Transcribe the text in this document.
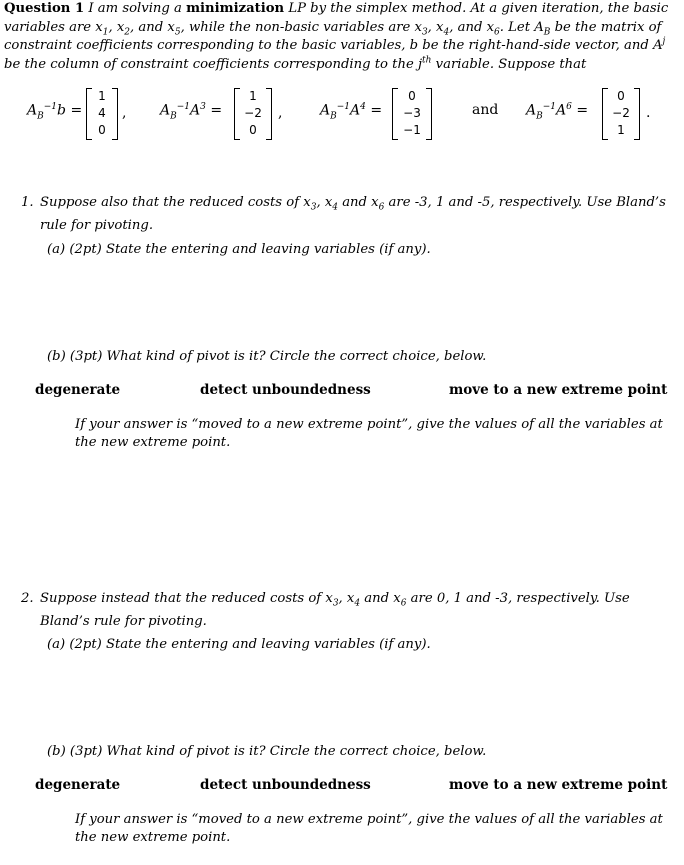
Question 1 I am solving a minimization LP by the simplex method. At a given iteration, the basic variables are $x_1$, $x_2$, and $x_5$, while the non-basic variables are $x_3$, $x_4$, and $x_6$. Let $A_B$ be the matrix of constraint coefficients corresponding to the basic variables, b be the right-hand-side vector, and $A^j$ be the column of constraint coefficients corresponding to the $j^{th}$ variable. Suppose that
$A_B^{-1}b$ =
1
4
0
, $A_B^{-1}A^3$ =
1
−2
0
,	$A_B^{-1}A^4$ =
0
−3
−1
and $A_B^{-1}A^6$ =
0
−2
1
.
1. Suppose also that the reduced costs of $x_3$, $x_4$ and $x_6$ are -3, 1 and -5, respectively. Use Bland’s rule for pivoting.
(a) (2pt) State the entering and leaving variables (if any).
(b) (3pt) What kind of pivot is it? Circle the correct choice, below.
degenerate	detect unboundedness	move to a new extreme point
If your answer is “moved to a new extreme point”, give the values of all the variables at the new extreme point.
2. Suppose instead that the reduced costs of $x_3$, $x_4$ and $x_6$ are 0, 1 and -3, respectively. Use Bland’s rule for pivoting.
(a) (2pt) State the entering and leaving variables (if any).
(b) (3pt) What kind of pivot is it? Circle the correct choice, below.
degenerate	detect unboundedness	move to a new extreme point
If your answer is “moved to a new extreme point”, give the values of all the variables at the new extreme point.
